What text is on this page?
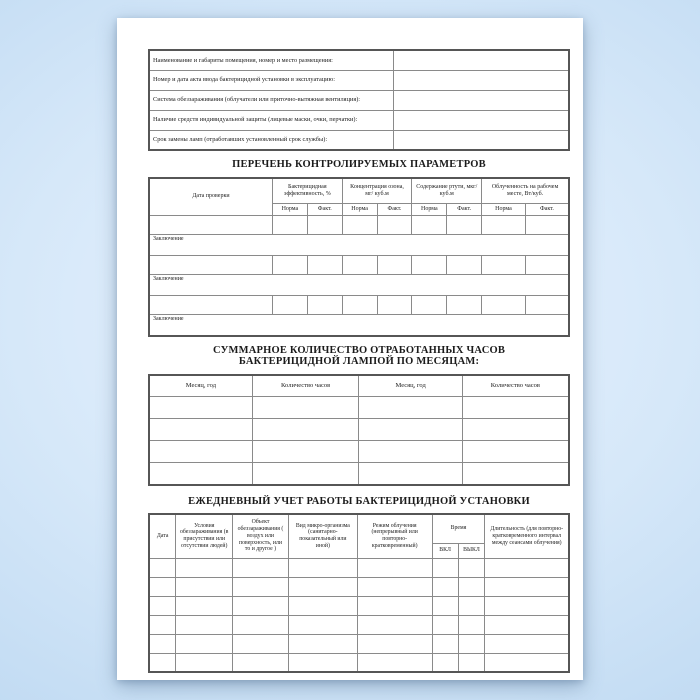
Наименование и габариты помещения, номер и место размещения:	
Номер и дата акта ввода бактерицидной установки в эксплуатацию:	
Система обеззараживания (облучатели или приточно-вытяжная вентиляция):	
Наличие средств индивидуальной защиты (лицевые маски, очки, перчатки):	
Срок замены ламп (отработавших установленный срок службы):	
ПЕРЕЧЕНЬ КОНТРОЛИРУЕМЫХ ПАРАМЕТРОВ
Дата проверки	Бактерицидная эффективность, %		Концентрация озона, мг/ куб.м		Содержание ртути, мкг/ куб.м		Облученность на рабочем месте, Вт/куб.	
	Норма	Факт.	Норма	Факт.	Норма	Факт.	Норма	Факт.

Заключение								

Заключение								

Заключение								
СУММАРНОЕ КОЛИЧЕСТВО ОТРАБОТАННЫХ ЧАСОВ
БАКТЕРИЦИДНОЙ ЛАМПОЙ ПО МЕСЯЦАМ:
Месяц, год	Количество часов	Месяц, год	Количество часов

ЕЖЕДНЕВНЫЙ УЧЕТ РАБОТЫ БАКТЕРИЦИДНОЙ УСТАНОВКИ
Дата	Условия обеззараживания (в присутствии или отсутствии людей)	Объект обеззараживания ( воздух или поверхность, или то и другое )	Вид микро-организма (санитарно-показательный или иной)	Режим облучения (непрерывный или повторно-кратковременный)	Время		Длительность (для повторно-кратковременного интервал между сеансами облучения)
					ВКЛ	ВЫКЛ	
